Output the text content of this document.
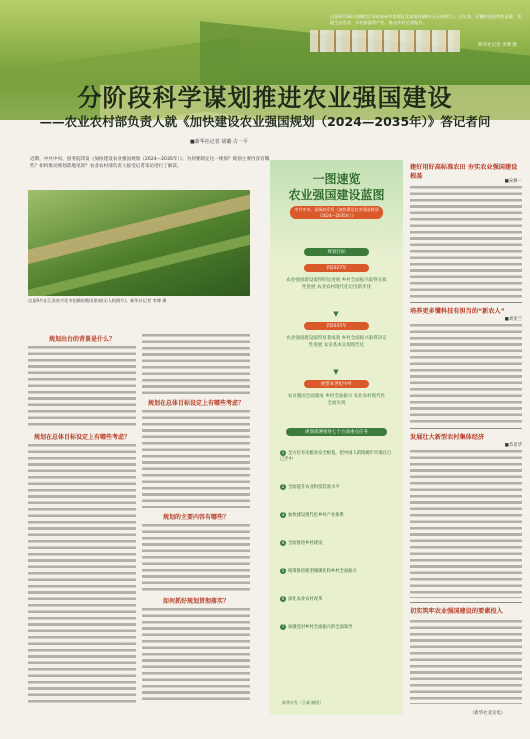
这是9月18日拍摄的江苏省泰州市姜堰区沈高镇河横村(无人机照片)。近年来，河横村依托特色资源，发展生态农业、乡村旅游等产业，推动乡村全面振兴。
新华社记者 李博 摄
分阶段科学谋划推进农业强国建设
——农业农村部负责人就《加快建设农业强国规划（2024—2035年）》答记者问
■新华社记者 胡璐 古一平
近期，中共中央、国务院印发《加快建设农业强国规划（2024—2035年）》。为何要制定这一规划？规划主要内容有哪些？如何推动规划落地见效？农业农村部负责人接受记者采访进行了解读。
这是9月在江苏省兴化市拍摄的稻田景观(无人机照片)。新华社记者 李博 摄
规划出台的背景是什么？
规划在总体目标设定上有哪些考虑？
规划在总体目标设定上有哪些考虑？
规划的主要内容有哪些？
如何抓好规划贯彻落实？
一图速览
农业强国建设蓝图
中共中央、国务院印发《加快建设农业强国规划（2024—2035年）》
规划目标
到2027年
农业强国建设取得明显进展 乡村全面振兴取得实质性进展 农业农村现代化迈出新步伐
▼
到2035年
农业强国建设取得显著成效 乡村全面振兴取得决定性进展 农业基本实现现代化
▼
展望本世纪中叶
农业强国全面建成 乡村全面振兴 农业农村现代化全面实现
规划部署推进七个方面重点任务
1 全方位夯实粮食安全根基，把中国人的饭碗牢牢端在自己手中
2 全面提升农业科技装备水平
3 加快建设现代化乡村产业体系
4 全面推进乡村建设
5 统筹推进新型城镇化和乡村全面振兴
6 深化农业农村改革
7 加强党对乡村全面振兴的全面领导
新华社发（王威 制图）
建好用好高标准农田 夯实农业强国建设根基
■宋修一
培养更多懂科技有担当的“新农人”
■刘亚兰
发展壮大新型农村集体经济
■苏显华
切实筑牢农业强国建设的要素投入
（新华社北京电）
